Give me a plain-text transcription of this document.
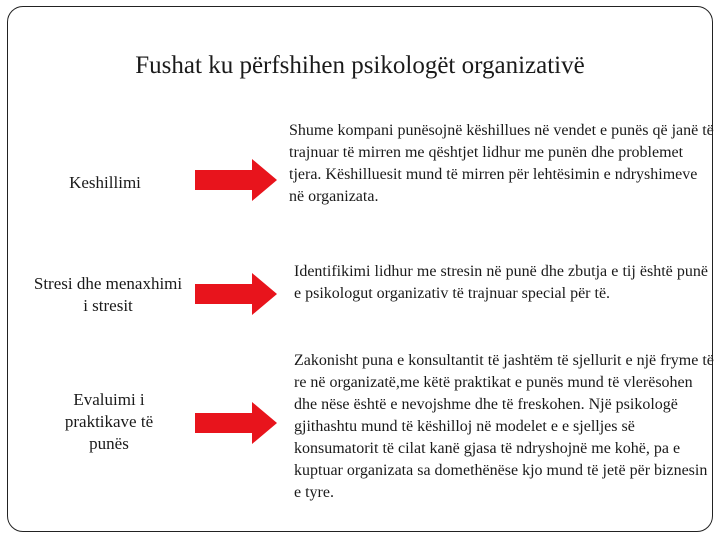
Fushat ku përfshihen psikologët organizativë
Keshillimi
Shume kompani punësojnë këshillues në vendet e punës që janë të trajnuar të mirren me qështjet lidhur me punën dhe problemet tjera. Këshilluesit mund të mirren për lehtësimin e ndryshimeve në organizata.
Stresi dhe menaxhimi i stresit
Identifikimi lidhur me stresin në punë dhe zbutja e tij është punë e psikologut organizativ të trajnuar special për të.
Evaluimi i praktikave të punës
Zakonisht puna e konsultantit të jashtëm të sjellurit e një fryme të re në organizatë,me këtë praktikat e punës mund të vlerësohen dhe nëse është e nevojshme dhe të freskohen. Një psikologë gjithashtu mund të këshilloj në modelet e e sjelljes së konsumatorit të cilat kanë gjasa të ndryshojnë me kohë, pa e kuptuar organizata sa domethënëse kjo mund të jetë për biznesin e tyre.
